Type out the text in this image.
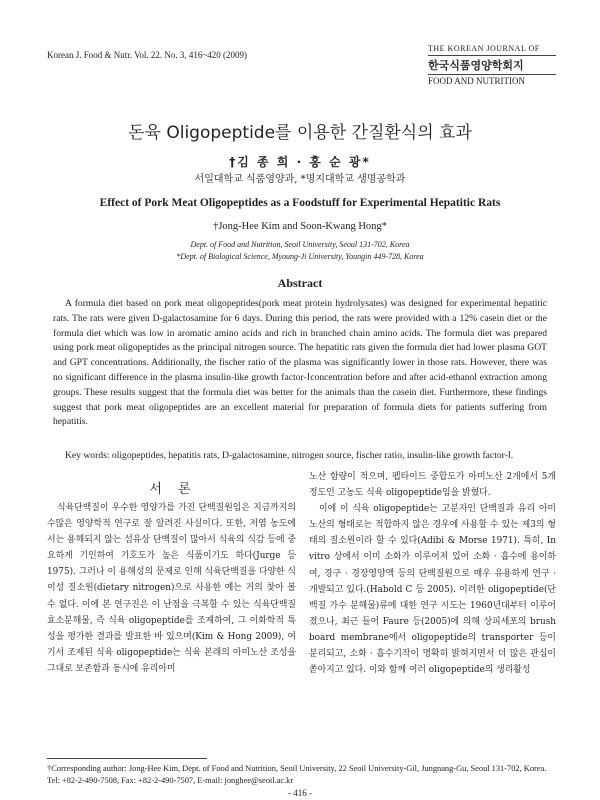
Korean J. Food & Nutr. Vol. 22. No. 3, 416~420 (2009)
THE KOREAN JOURNAL OF
한국식품영양학회지
FOOD AND NUTRITION
돈육 Oligopeptide를 이용한 간질환식의 효과
†김 종 희 · 홍 순 광*
서일대학교 식품영양과, *명지대학교 생명공학과
Effect of Pork Meat Oligopeptides as a Foodstuff for Experimental Hepatitic Rats
†Jong-Hee Kim and Soon-Kwang Hong*
Dept. of Food and Nutrition, Seoil University, Seoul 131-702, Korea
*Dept. of Biological Science, Myoung-Ji University, Youngin 449-728, Korea
Abstract

A formula diet based on pork meat oligopeptides(pork meat protein hydrolysates) was designed for experimental hepatitic rats. The rats were given D-galactosamine for 6 days. During this period, the rats were provided with a 12% casein diet or the formula diet which was low in aromatic amino acids and rich in branched chain amino acids. The formula diet was prepared using pork meat oligopeptides as the principal nitrogen source. The hepatitic rats given the formula diet had lower plasma GOT and GPT concentrations. Additionally, the fischer ratio of the plasma was significantly lower in those rats. However, there was no significant difference in the plasma insulin-like growth factor-Ⅰconcentration before and after acid-ethanol extraction among groups. These results suggest that the formula diet was better for the animals than the casein diet. Furthermore, these findings suggest that pork meat oligopeptides are an excellent material for preparation of formula diets for patients suffering from hepatitis.

Key words: oligopeptides, hepatitis rats, D-galactosamine, nitrogen source, fischer ratio, insulin-like growth factor-Ⅰ.
서 론

식육단백질이 우수한 영양가를 가진 단백질원임은 지금까지의 수많은 영양학적 연구로 잘 알려진 사실이다. 또한, 저염 농도에서는 용해되지 않는 섬유상 단백질이 많아서 식육의 식감 등에 중요하게 기인하여 기호도가 높은 식품이기도 하다(Jurge 등 1975). 그러나 이 용해성의 문제로 인해 식육단백질을 다양한 식이성 질소원(dietary nitrogen)으로 사용한 예는 거의 찾아 볼 수 없다. 이에 본 연구진은 이 난점을 극복할 수 있는 식육단백질 효소분해물, 즉 식육 oligopeptide를 조제하여, 그 이화학적 특성을 평가한 결과를 발표한 바 있으며(Kim & Hong 2009), 여기서 조제된 식육 oligopeptide는 식육 본래의 아미노산 조성을 그대로 보존함과 동시에 유리아미

노산 함량이 적으며, 펩타이드 중합도가 아미노산 2개에서 5개 정도인 고농도 식육 oligopeptide임을 밝혔다.

이에 이 식육 oligopeptide는 고분자인 단백질과 유리 아미노산의 형태로는 적합하지 않은 경우에 사용할 수 있는 제3의 형태의 질소원이라 할 수 있다(Adibi & Morse 1971). 특히, In vitro 상에서 이미 소화가 이루어져 있어 소화 · 흡수에 용이하여, 경구 · 경장영양액 등의 단백질원으로 매우 유용하게 연구 · 개발되고 있다.(Habold C 등 2005). 이러한 oligopeptide(단백질 가수 분해물)류에 대한 연구 시도는 1960년대부터 이루어졌으나, 최근 들어 Faure 등(2005)에 의해 상피세포의 brush board membrane에서 oligopeptide의 transporter 등이 분리되고, 소화 · 흡수기작이 명확히 밝혀지면서 더 많은 관심이 쏟아지고 있다. 이와 함께 여러 oligopeptide의 생리활성

†Corresponding author: Jong-Hee Kim, Dept. of Food and Nutrition, Seoil University, 22 Seoil University-Gil, Jungnang-Gu, Seoul 131-702, Korea. Tel: +82-2-490-7508, Fax: +82-2-490-7507, E-mail: jonghee@seoil.ac.kr
- 416 -
